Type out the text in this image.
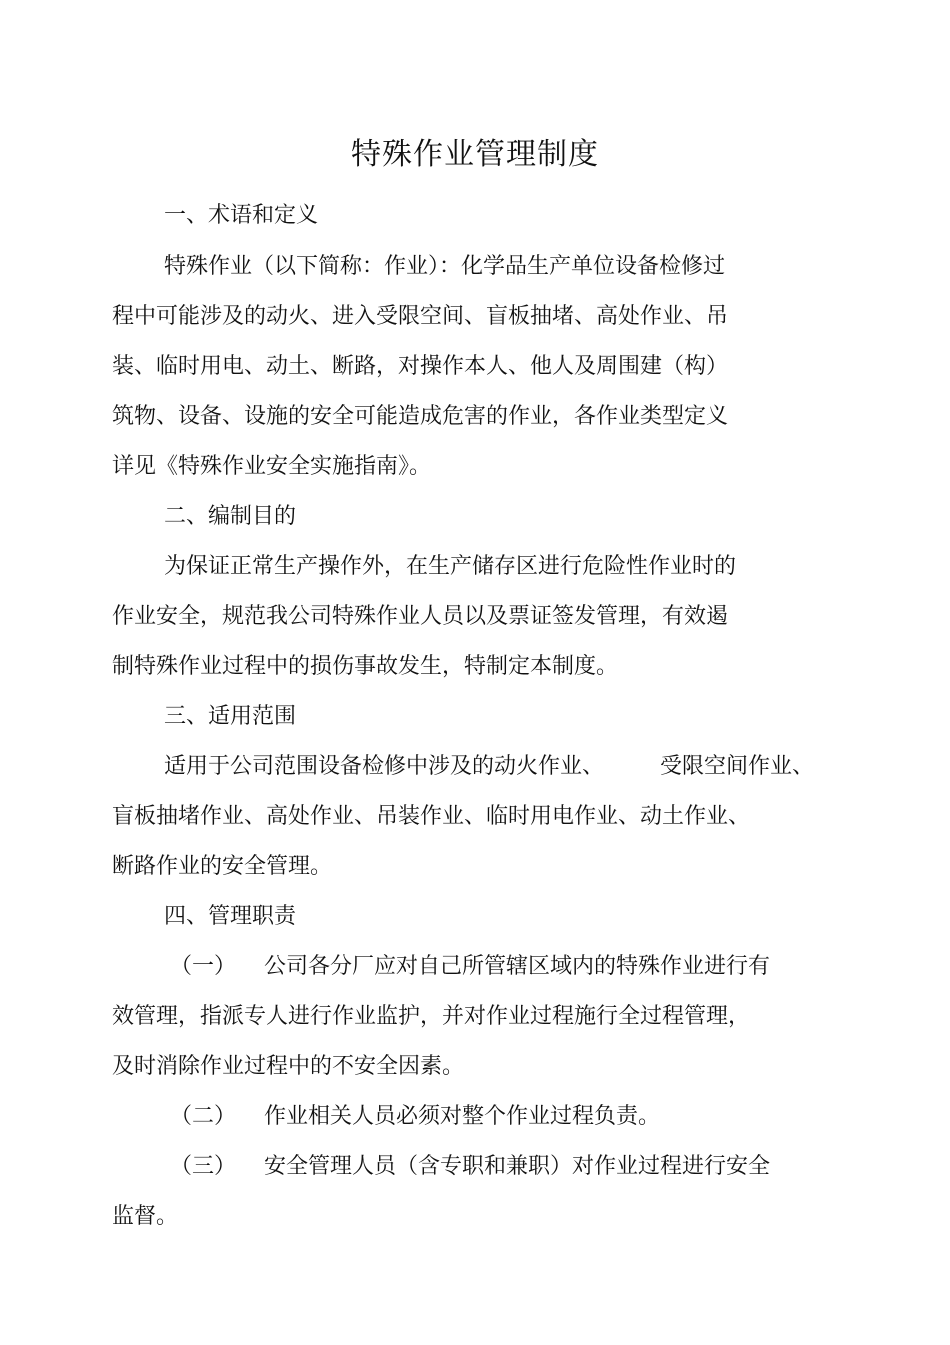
特殊作业管理制度
一、术语和定义
特殊作业（以下简称：作业）：化学品生产单位设备检修过
程中可能涉及的动火、进入受限空间、盲板抽堵、高处作业、吊
装、临时用电、动土、断路，对操作本人、他人及周围建（构）
筑物、设备、设施的安全可能造成危害的作业，各作业类型定义
详见《特殊作业安全实施指南》。
二、编制目的
为保证正常生产操作外，在生产储存区进行危险性作业时的
作业安全，规范我公司特殊作业人员以及票证签发管理，有效遏
制特殊作业过程中的损伤事故发生，特制定本制度。
三、适用范围
适用于公司范围设备检修中涉及的动火作业、	受限空间作业、
盲板抽堵作业、高处作业、吊装作业、临时用电作业、动土作业、
断路作业的安全管理。
四、管理职责
（一） 公司各分厂应对自己所管辖区域内的特殊作业进行有
效管理，指派专人进行作业监护，并对作业过程施行全过程管理，
及时消除作业过程中的不安全因素。
（二） 作业相关人员必须对整个作业过程负责。
（三） 安全管理人员（含专职和兼职）对作业过程进行安全
监督。
